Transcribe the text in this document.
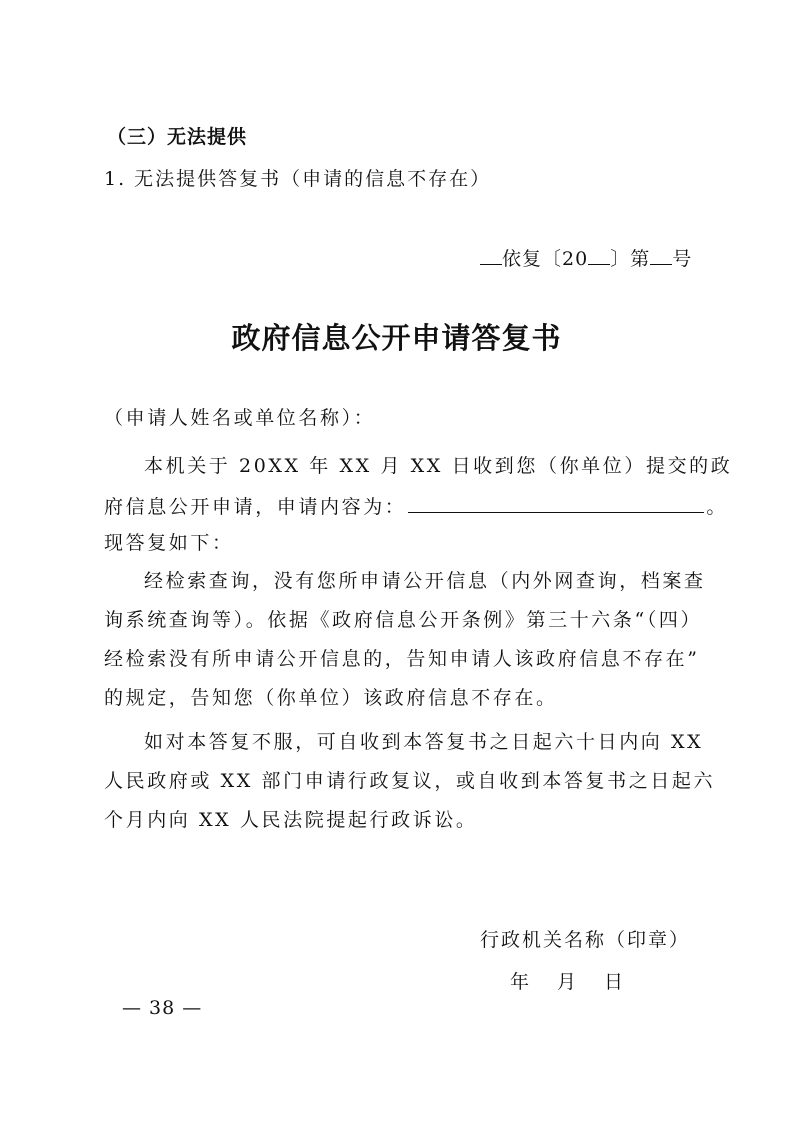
（三）无法提供
1. 无法提供答复书（申请的信息不存在）
依复〔20 〕第 号
政府信息公开申请答复书
（申请人姓名或单位名称）：
本机关于 20XX 年 XX 月 XX 日收到您（你单位）提交的政
府信息公开申请，申请内容为：	。
现答复如下：
经检索查询，没有您所申请公开信息（内外网查询，档案查
询系统查询等）。依据《政府信息公开条例》第三十六条“（四）
经检索没有所申请公开信息的，告知申请人该政府信息不存在”
的规定，告知您（你单位）该政府信息不存在。
如对本答复不服，可自收到本答复书之日起六十日内向 XX
人民政府或 XX 部门申请行政复议，或自收到本答复书之日起六
个月内向 XX 人民法院提起行政诉讼。
行政机关名称（印章）
年 月 日
— 38 —
